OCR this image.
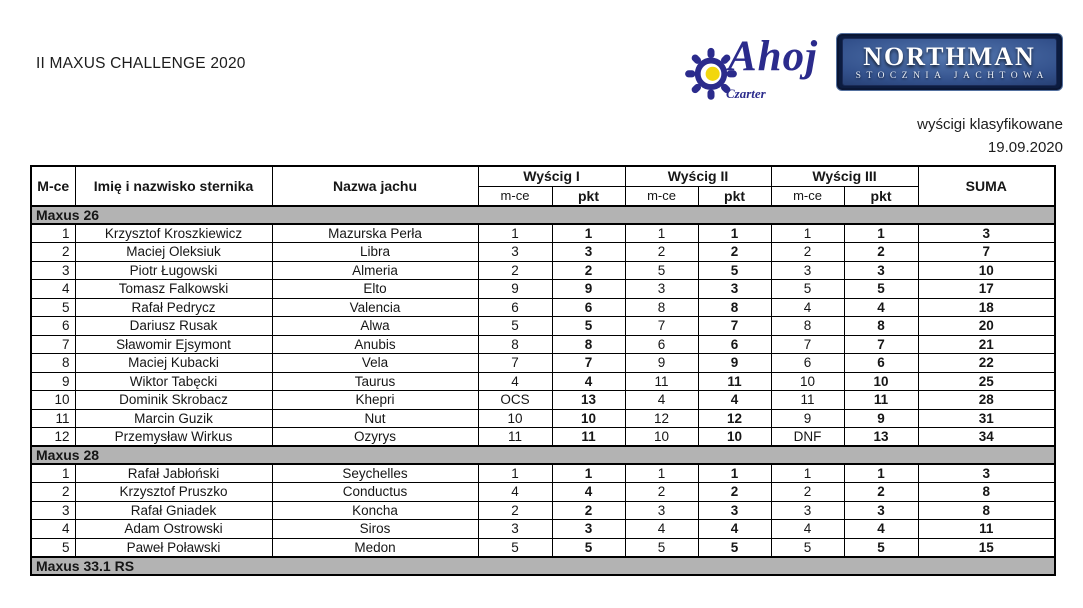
II MAXUS CHALLENGE 2020	Ahoj
Czarter
NORTHMAN
STOCZNIA JACHTOWA
wyścigi klasyfikowane
19.09.2020
M-ce	Imię i nazwisko sternika	Nazwa jachu	Wyścig I		Wyścig II		Wyścig III		SUMA
			m-ce	pkt	m-ce	pkt	m-ce	pkt	
Maxus 26									
1	Krzysztof Kroszkiewicz	Mazurska Perła	1	1	1	1	1	1	3
2	Maciej Oleksiuk	Libra	3	3	2	2	2	2	7
3	Piotr Ługowski	Almeria	2	2	5	5	3	3	10
4	Tomasz Falkowski	Elto	9	9	3	3	5	5	17
5	Rafał Pedrycz	Valencia	6	6	8	8	4	4	18
6	Dariusz Rusak	Alwa	5	5	7	7	8	8	20
7	Sławomir Ejsymont	Anubis	8	8	6	6	7	7	21
8	Maciej Kubacki	Vela	7	7	9	9	6	6	22
9	Wiktor Tabęcki	Taurus	4	4	11	11	10	10	25
10	Dominik Skrobacz	Khepri	OCS	13	4	4	11	11	28
11	Marcin Guzik	Nut	10	10	12	12	9	9	31
12	Przemysław Wirkus	Ozyrys	11	11	10	10	DNF	13	34
Maxus 28									
1	Rafał Jabłoński	Seychelles	1	1	1	1	1	1	3
2	Krzysztof Pruszko	Conductus	4	4	2	2	2	2	8
3	Rafał Gniadek	Koncha	2	2	3	3	3	3	8
4	Adam Ostrowski	Siros	3	3	4	4	4	4	11
5	Paweł Poławski	Medon	5	5	5	5	5	5	15
Maxus 33.1 RS									
